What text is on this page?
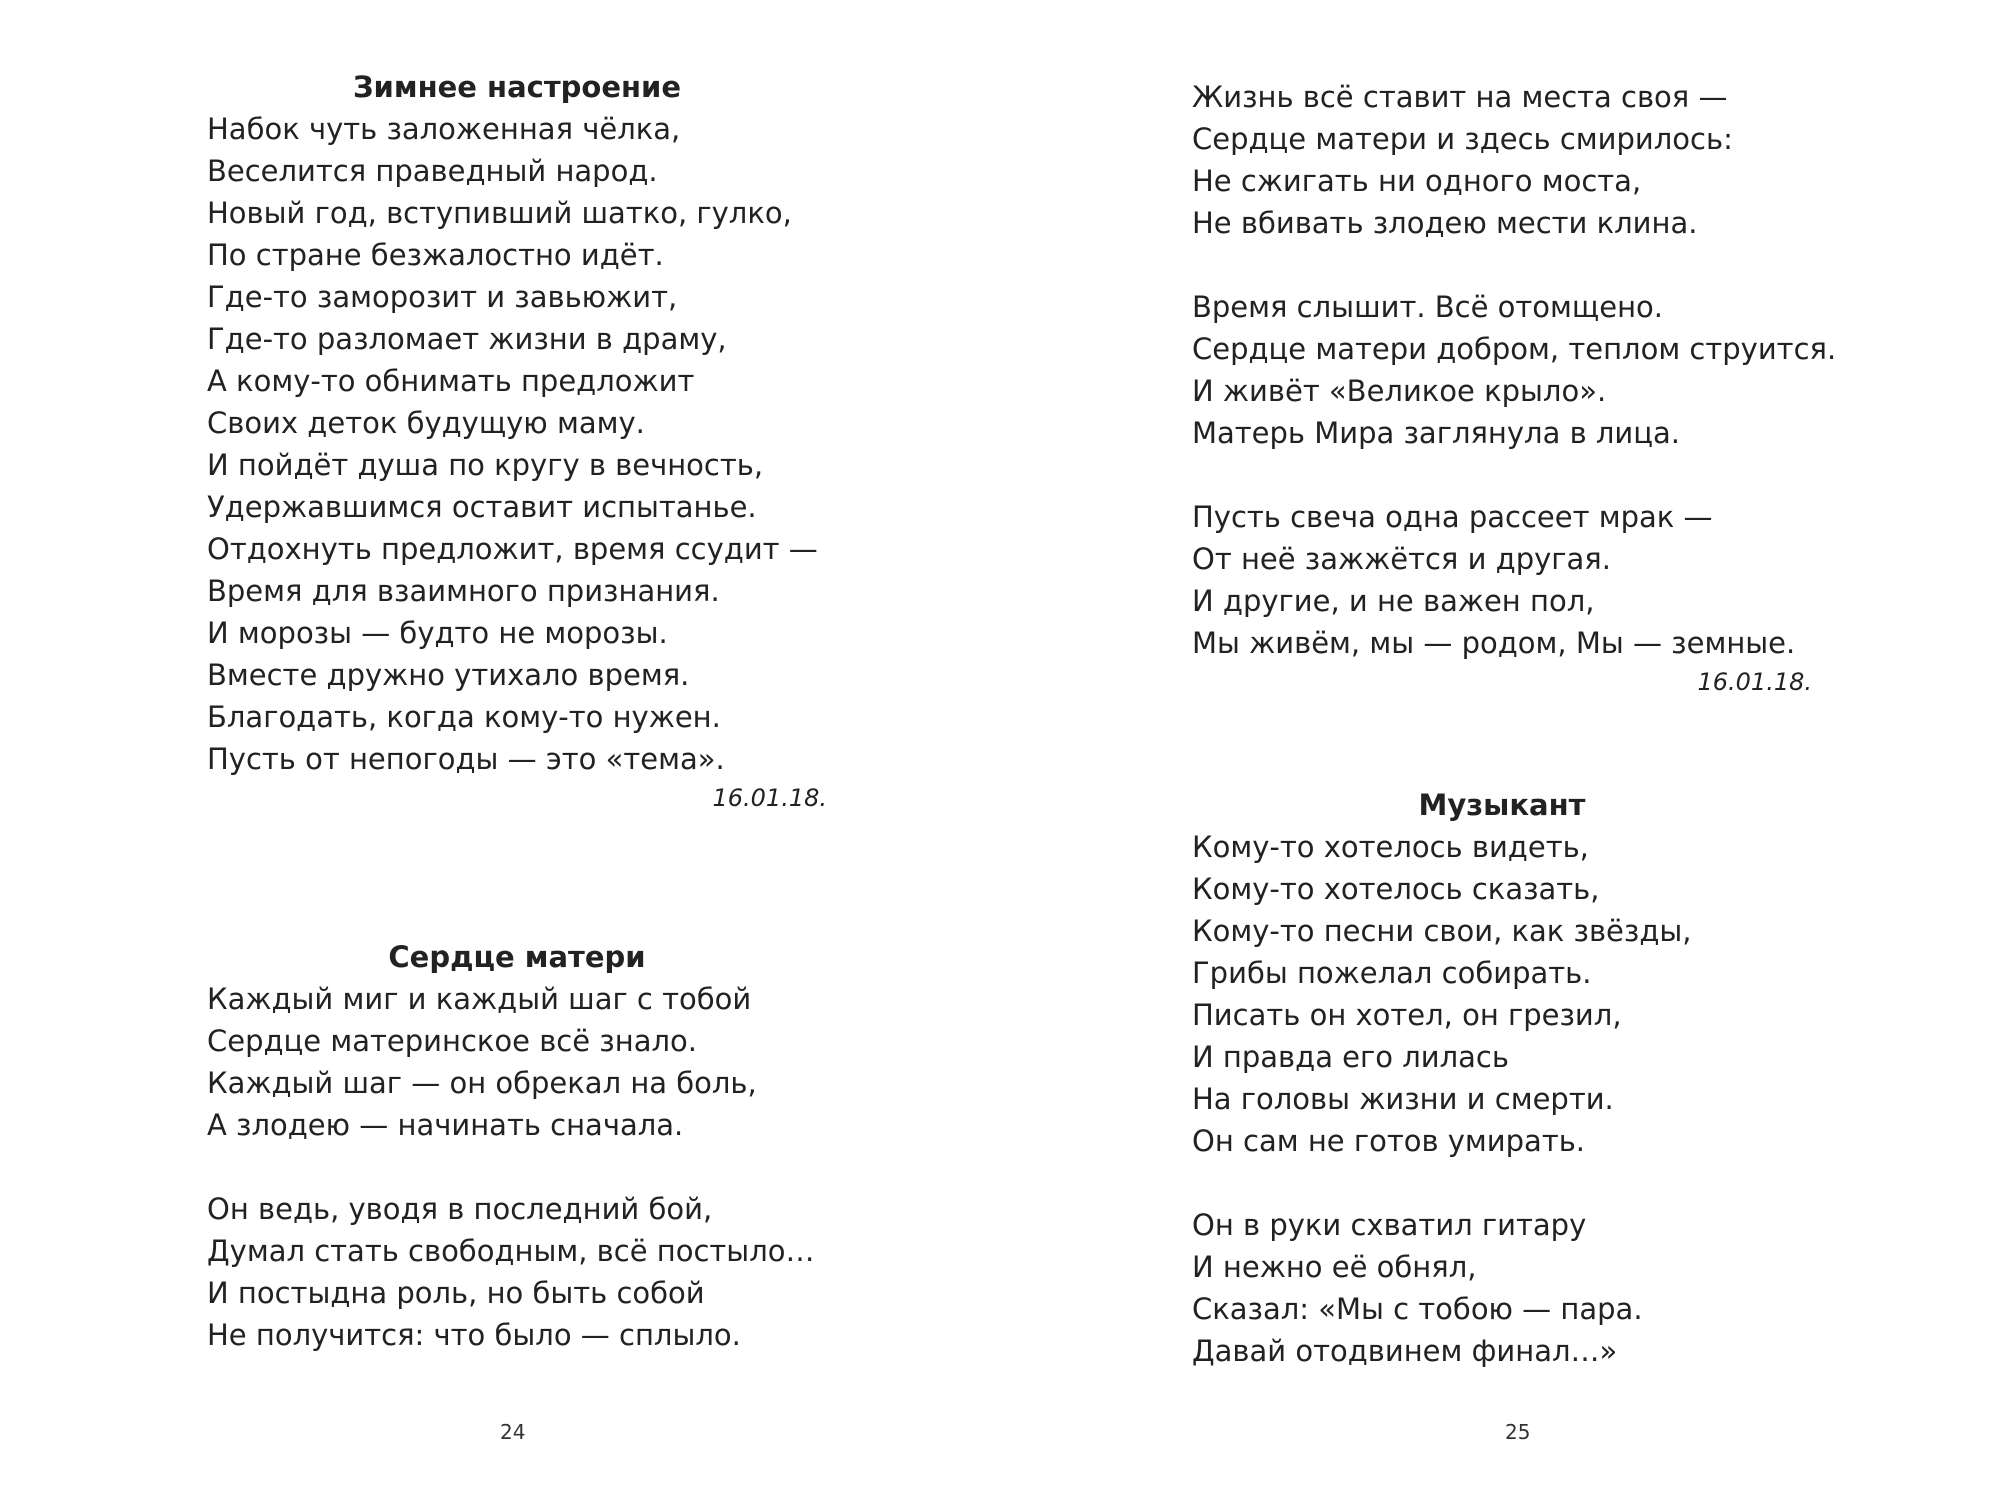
Зимнее настроение
Набок чуть заложенная чёлка,
Веселится праведный народ.
Новый год, вступивший шатко, гулко,
По стране безжалостно идёт.
Где-то заморозит и завьюжит,
Где-то разломает жизни в драму,
А кому-то обнимать предложит
Своих деток будущую маму.
И пойдёт душа по кругу в вечность,
Удержавшимся оставит испытанье.
Отдохнуть предложит, время ссудит —
Время для взаимного признания.
И морозы — будто не морозы.
Вместе дружно утихало время.
Благодать, когда кому-то нужен.
Пусть от непогоды — это «тема».
16.01.18.
Сердце матери
Каждый миг и каждый шаг с тобой
Сердце материнское всё знало.
Каждый шаг — он обрекал на боль,
А злодею — начинать сначала.
Он ведь, уводя в последний бой,
Думал стать свободным, всё постыло…
И постыдна роль, но быть собой
Не получится: что было — сплыло.
24
Жизнь всё ставит на места своя —
Сердце матери и здесь смирилось:
Не сжигать ни одного моста,
Не вбивать злодею мести клина.
Время слышит. Всё отомщено.
Сердце матери добром, теплом струится.
И живёт «Великое крыло».
Матерь Мира заглянула в лица.
Пусть свеча одна рассеет мрак —
От неё зажжётся и другая.
И другие, и не важен пол,
Мы живём, мы — родом, Мы — земные.
16.01.18.
Музыкант
Кому-то хотелось видеть,
Кому-то хотелось сказать,
Кому-то песни свои, как звёзды,
Грибы пожелал собирать.
Писать он хотел, он грезил,
И правда его лилась
На головы жизни и смерти.
Он сам не готов умирать.
Он в руки схватил гитару
И нежно её обнял,
Сказал: «Мы с тобою — пара.
Давай отодвинем финал…»
25
